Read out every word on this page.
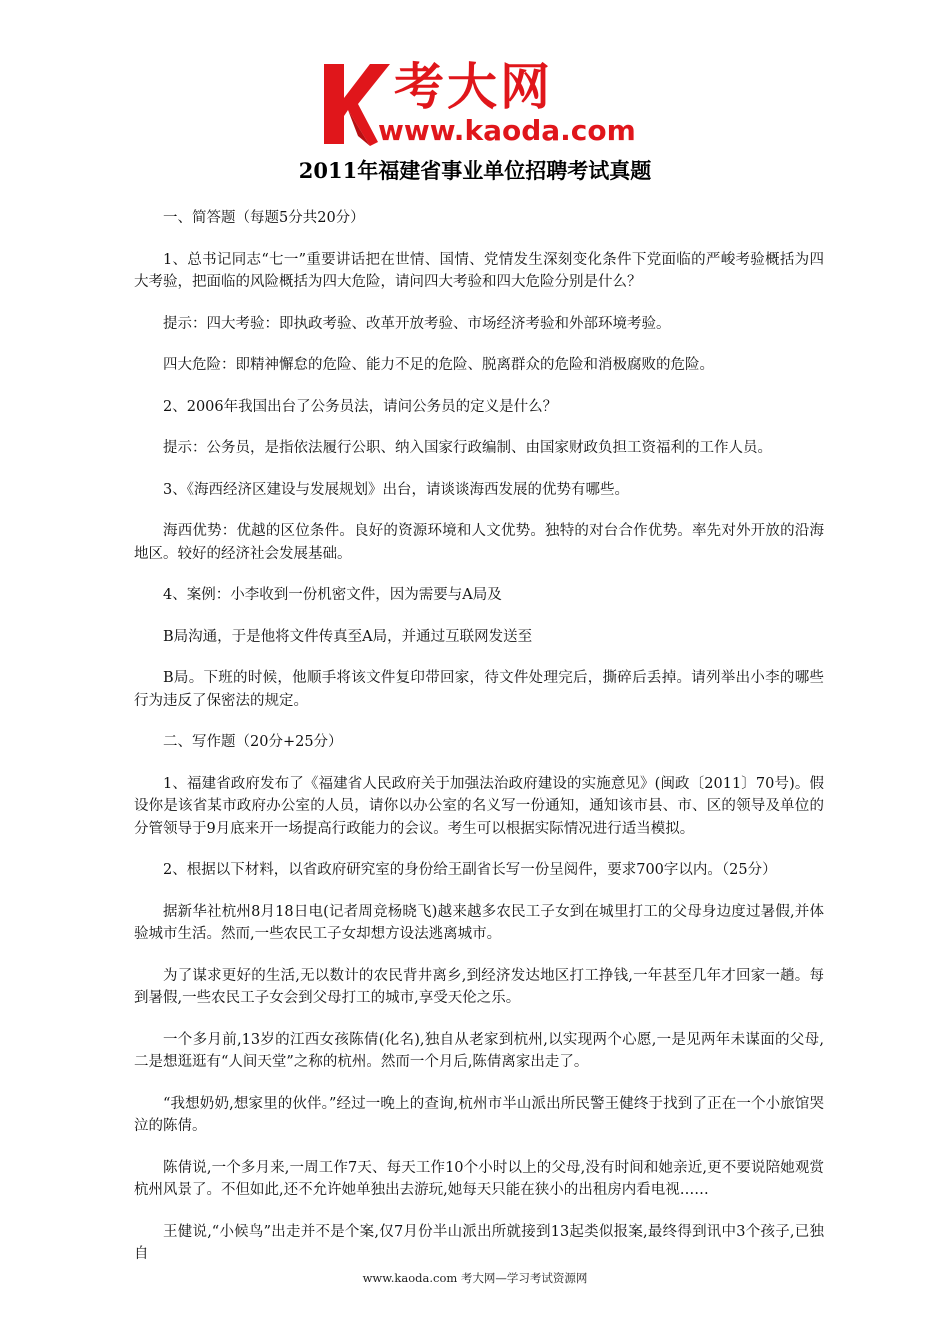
考大网
www.kaoda.com
2011年福建省事业单位招聘考试真题

一、简答题（每题5分共20分）

1、总书记同志“七一”重要讲话把在世情、国情、党情发生深刻变化条件下党面临的严峻考验概括为四大考验，把面临的风险概括为四大危险，请问四大考验和四大危险分别是什么？

提示：四大考验：即执政考验、改革开放考验、市场经济考验和外部环境考验。

四大危险：即精神懈怠的危险、能力不足的危险、脱离群众的危险和消极腐败的危险。

2、2006年我国出台了公务员法，请问公务员的定义是什么？

提示：公务员，是指依法履行公职、纳入国家行政编制、由国家财政负担工资福利的工作人员。

3、《海西经济区建设与发展规划》出台，请谈谈海西发展的优势有哪些。

海西优势：优越的区位条件。良好的资源环境和人文优势。独特的对台合作优势。率先对外开放的沿海地区。较好的经济社会发展基础。

4、案例：小李收到一份机密文件，因为需要与A局及

B局沟通，于是他将文件传真至A局，并通过互联网发送至

B局。下班的时候，他顺手将该文件复印带回家，待文件处理完后，撕碎后丢掉。请列举出小李的哪些行为违反了保密法的规定。

二、写作题（20分+25分）

1、福建省政府发布了《福建省人民政府关于加强法治政府建设的实施意见》(闽政〔2011〕70号)。假设你是该省某市政府办公室的人员，请你以办公室的名义写一份通知，通知该市县、市、区的领导及单位的分管领导于9月底来开一场提高行政能力的会议。考生可以根据实际情况进行适当模拟。

2、根据以下材料，以省政府研究室的身份给王副省长写一份呈阅件，要求700字以内。（25分）

据新华社杭州8月18日电(记者周竞杨晓飞)越来越多农民工子女到在城里打工的父母身边度过暑假,并体验城市生活。然而,一些农民工子女却想方设法逃离城市。

为了谋求更好的生活,无以数计的农民背井离乡,到经济发达地区打工挣钱,一年甚至几年才回家一趟。每到暑假,一些农民工子女会到父母打工的城市,享受天伦之乐。

一个多月前,13岁的江西女孩陈倩(化名),独自从老家到杭州,以实现两个心愿,一是见两年未谋面的父母,二是想逛逛有“人间天堂”之称的杭州。然而一个月后,陈倩离家出走了。

“我想奶奶,想家里的伙伴。”经过一晚上的查询,杭州市半山派出所民警王健终于找到了正在一个小旅馆哭泣的陈倩。

陈倩说,一个多月来,一周工作7天、每天工作10个小时以上的父母,没有时间和她亲近,更不要说陪她观赏杭州风景了。不但如此,还不允许她单独出去游玩,她每天只能在狭小的出租房内看电视……

王健说,“小候鸟”出走并不是个案,仅7月份半山派出所就接到13起类似报案,最终得到讯中3个孩子,已独自

www.kaoda.com 考大网—学习考试资源网
